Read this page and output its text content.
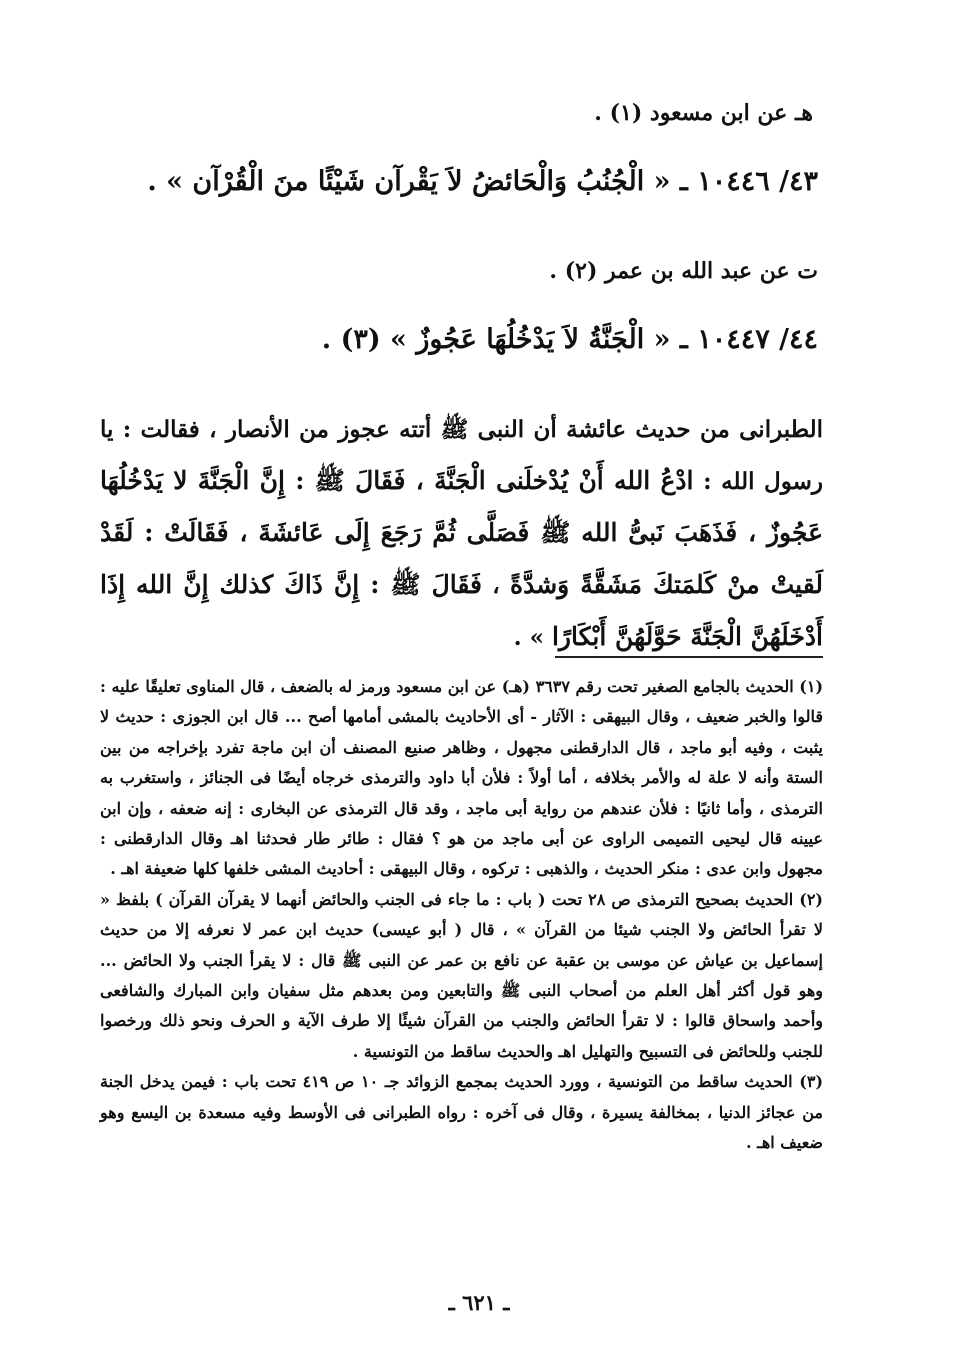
هـ عن ابن مسعود (١) .
٤٣/ ١٠٤٤٦ ـ « الْجُنُبُ وَالْحَائضُ لاَ يَقْرآن شَيْئًا منَ الْقُرْآن » .
ت عن عبد الله بن عمر (٢) .
٤٤/ ١٠٤٤٧ ـ « الْجَنَّةُ لاَ يَدْخُلُهَا عَجُوزٌ » (٣) .
الطبرانى من حديث عائشة أن النبى ﷺ أتته عجوز من الأنصار ، فقالت : يا رسول الله : ادْعُ الله أَنْ يُدْخلَنى الْجَنَّةَ ، فَقَالَ ﷺ : إِنَّ الْجَنَّةَ لا يَدْخُلُهَا عَجُوزٌ ، فَذَهَبَ نَبىُّ الله ﷺ فَصَلَّى ثُمَّ رَجَعَ إِلَى عَائشَةَ ، فَقَالَتْ : لَقَدْ لَقيتْ منْ كَلمَتكَ مَشَقَّةً وَشدَّةً ، فَقَالَ ﷺ : إِنَّ ذَاكَ كذلك إِنَّ الله إِذَا أَدْخَلَهُنَّ الْجَنَّةَ حَوَّلَهُنَّ أَبْكَارًا » .

(١) الحديث بالجامع الصغير تحت رقم ٣٦٣٧ (هـ) عن ابن مسعود ورمز له بالضعف ، قال المناوى تعليقًا عليه : قالوا والخبر ضعيف ، وقال البيهقى : الآثار - أى الأحاديث بالمشى أمامها أصح ... قال ابن الجوزى : حديث لا يثبت ، وفيه أبو ماجد ، قال الدارقطنى مجهول ، وظاهر صنيع المصنف أن ابن ماجة تفرد بإخراجه من بين الستة وأنه لا علة له والأمر بخلافه ، أما أولاً : فلأن أبا داود والترمذى خرجاه أيضًا فى الجنائز ، واستغرب به الترمذى ، وأما ثانيًا : فلأن عندهم من رواية أبى ماجد ، وقد قال الترمذى عن البخارى : إنه ضعفه ، وإن ابن عيينه قال ليحيى التميمى الراوى عن أبى ماجد من هو ؟ فقال : طائر طار فحدثنا اهـ وقال الدارقطنى : مجهول وابن عدى : منكر الحديث ، والذهبى : تركوه ، وقال البيهقى : أحاديث المشى خلفها كلها ضعيفة اهـ .

(٢) الحديث بصحيح الترمذى ص ٢٨ تحت ( باب : ما جاء فى الجنب والحائض أنهما لا يقرآن القرآن ) بلفظ « لا تقرأ الحائض ولا الجنب شيئا من القرآن » ، قال ( أبو عيسى) حديث ابن عمر لا نعرفه إلا من حديث إسماعيل بن عياش عن موسى بن عقبة عن نافع بن عمر عن النبى ﷺ قال : لا يقرأ الجنب ولا الحائض ... وهو قول أكثر أهل العلم من أصحاب النبى ﷺ والتابعين ومن بعدهم مثل سفيان وابن المبارك والشافعى وأحمد واسحاق قالوا : لا تقرأ الحائض والجنب من القرآن شيئًا إلا طرف الآية و الحرف ونحو ذلك ورخصوا للجنب وللحائض فى التسبيح والتهليل اهـ والحديث ساقط من التونسية .

(٣) الحديث ساقط من التونسية ، وورد الحديث بمجمع الزوائد جـ ١٠ ص ٤١٩ تحت باب : فيمن يدخل الجنة من عجائز الدنيا ، بمخالفة يسيرة ، وقال فى آخره : رواه الطبرانى فى الأوسط وفيه مسعدة بن اليسع وهو ضعيف اهـ .

ـ ٦٢١ ـ
